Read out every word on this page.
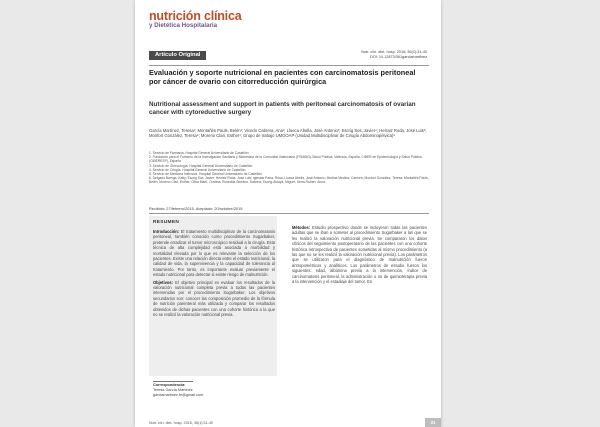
nutrición clínica
y Dietética Hospitalaria
Artículo Original	Nutr. clín. diet. hosp. 2016; 36(1):31-40
DOI: 10.12873/361garciamartinez
Evaluación y soporte nutricional en pacientes con carcinomatosis peritoneal por cáncer de ovario con citorreducción quirúrgica
Nutritional assessment and support in patients with peritoneal carcinomatosis of ovarian cancer with cytoreductive surgery
García Martínez, Teresa¹; Montañés Pauls, Belén¹; Vicedo Cabrera, Ana²; Llueca Abella, José Antonio³; Escrig Sos, Javier⁴; Herraiz Roda, José Luis³; Monfort González, Teresa⁵; Moreno Clari, Esther¹; Grupo de trabajo UMOOAP (Unidad Multidisciplinar de Cirugía Abdominopélvica)⁶
1. Servicio de Farmacia. Hospital General Universitario de Castellón.
2. Fundación para el Fomento de la Investigación Sanitaria y Biomédica de la Comunitat Valenciana (FISABIO)-Salud Pública, Valencia, España. CIBER de Epidemiología y Salud Pública (CIBERESP), España.
3. Servicio de Ginecología. Hospital General Universitario de Castellón.
4. Servicio de Cirugía. Hospital General Universitario de Castellón.
5. Servicio de Medicina Intensiva. Hospital General Universitario de Castellón.
6. Delgado Barriga, Katty; Escrig Sos, Javier; Herraiz Roda, José Luis; Iglesias Parra, Rosa; Llueca Abella, José Antonio; Medina Medina, Carmen; Monfort González, Teresa; Montañés Pauls, Belén; Moreno Clari, Esther; Oliva Martí, Cristina; Rovedda Serrano, Sabrina; Escrig-Aldaya, Miguel; Serra Rubert, Anna.
Recibido: 27/febrero/2015. Aceptado: 20/octubre/2015.
RESUMEN

Introducción: El tratamiento multidisciplinar de la carcinomatosis peritoneal, también conocido como procedimiento Sugarbaker, pretende erradicar el tumor microscópico residual a la cirugía. Esta técnica de alta complejidad está asociada a morbilidad y mortalidad elevada por lo que es relevante la selección de los pacientes. Existe una relación directa entre el estado nutricional, la calidad de vida, la supervivencia y la capacidad de tolerancia al tratamiento. Por tanto, es importante evaluar previamente el estado nutricional para detectar si existe riesgo de malnutrición.

Objetivos: El objetivo principal es evaluar los resultados de la valoración nutricional completa previa a todas las pacientes intervenidas por el procedimiento Sugarbaker. Los objetivos secundarios son: conocer las composición promedio de la fórmula de nutrición parenteral más utilizada y comparar los resultados obtenidos de dichas pacientes con una cohorte histórica a la que no se realizó la valoración nutricional previa.

Métodos: Estudio prospectivo donde se incluyeron todas las pacientes adultas que se iban a someter al procedimiento Sugarbaker a las que se les realizó la valoración nutricional previa. Se compararon los datos clínicos del seguimiento postoperatorio de las pacientes con una cohorte histórica retrospectiva de pacientes sometidas al mismo procedimiento (a las que no se les realizó la valoración nutricional previa). Los parámetros que se utilizaron para el diagnóstico de malnutrición fueron antropométricos y analíticos. Los parámetros de estudio fueron los siguientes: edad, albúmina previa a la intervención, índice de carcinomatosis peritoneal, la administración o no de quimioterapia previa a la intervención y el estadiaje del tumor. En

Correspondencia:
Teresa García Martínez
garciamartinez.te@gmail.com
Nutr. clín. diet. hosp. 2016; 36(1):31-40	31
